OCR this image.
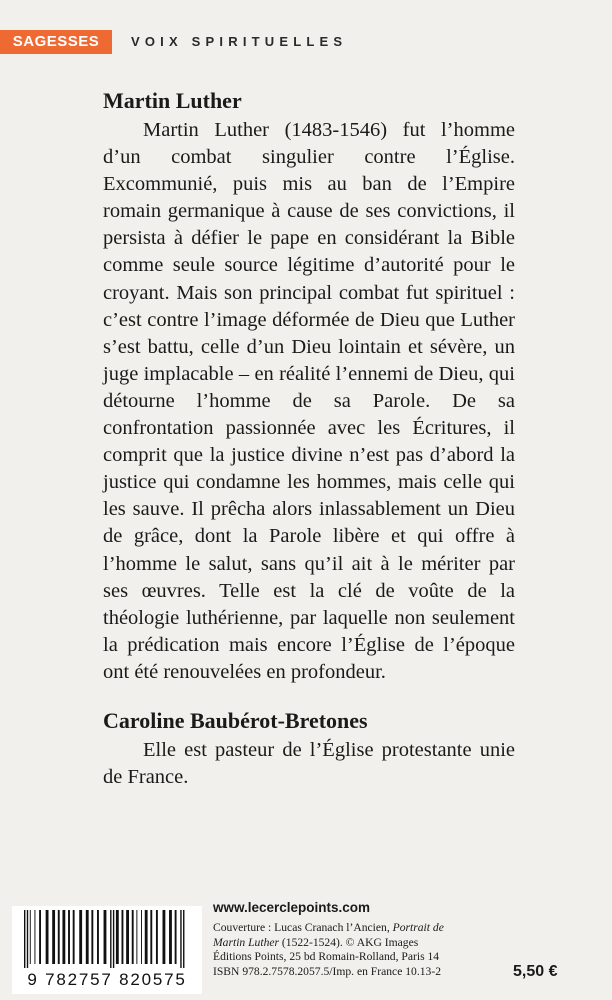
SAGESSES	VOIX SPIRITUELLES
Martin Luther

Martin Luther (1483-1546) fut l’homme d’un combat singulier contre l’Église. Excommunié, puis mis au ban de l’Empire romain germanique à cause de ses convictions, il persista à défier le pape en considérant la Bible comme seule source légitime d’autorité pour le croyant. Mais son principal combat fut spirituel : c’est contre l’image déformée de Dieu que Luther s’est battu, celle d’un Dieu lointain et sévère, un juge implacable – en réalité l’ennemi de Dieu, qui détourne l’homme de sa Parole. De sa confrontation passionnée avec les Écritures, il comprit que la justice divine n’est pas d’abord la justice qui condamne les hommes, mais celle qui les sauve. Il prêcha alors inlassablement un Dieu de grâce, dont la Parole libère et qui offre à l’homme le salut, sans qu’il ait à le mériter par ses œuvres. Telle est la clé de voûte de la théologie luthérienne, par laquelle non seulement la prédication mais encore l’Église de l’époque ont été renouvelées en profondeur.

Caroline Baubérot-Bretones

Elle est pasteur de l’Église protestante unie de France.

9 782757 820575
www.lecerclepoints.com
Couverture : Lucas Cranach l’Ancien, Portrait de
Martin Luther (1522-1524). © AKG Images
Éditions Points, 25 bd Romain-Rolland, Paris 14
ISBN 978.2.7578.2057.5/Imp. en France 10.13-2	5,50 €
